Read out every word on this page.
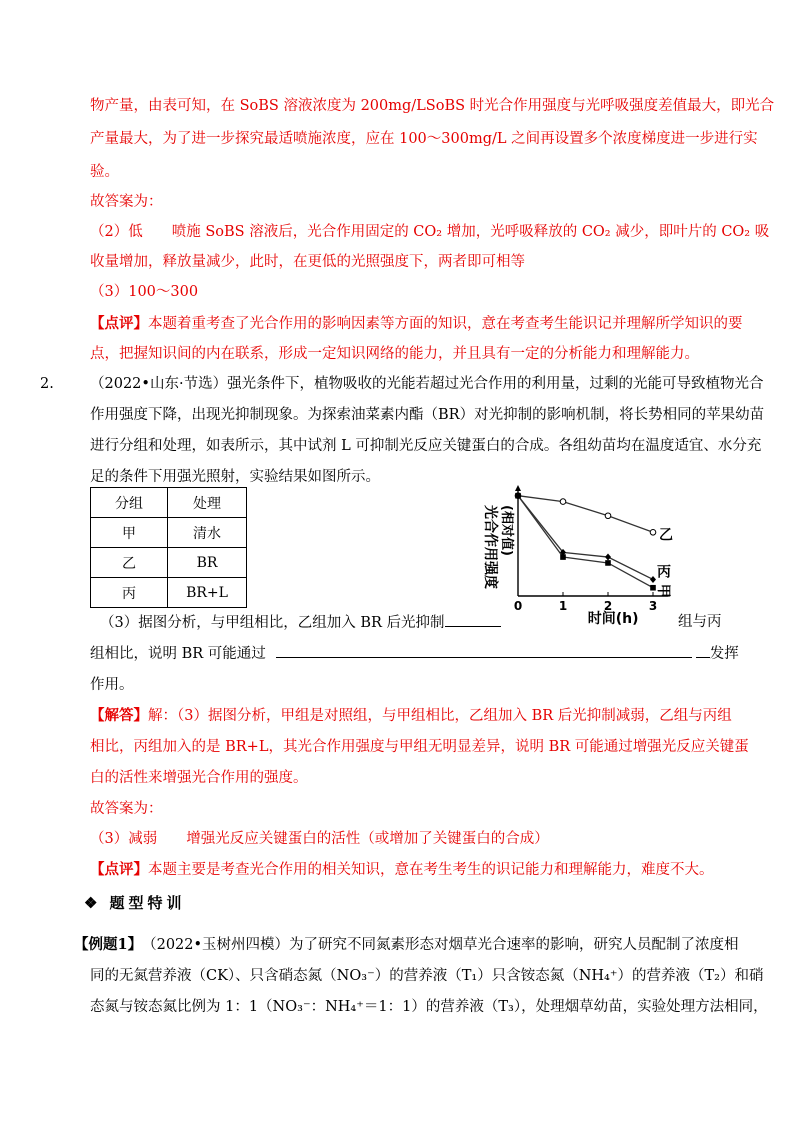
物产量，由表可知，在 SoBS 溶液浓度为 200mg/LSoBS 时光合作用强度与光呼吸强度差值最大，即光合
产量最大，为了进一步探究最适喷施浓度，应在 100～300mg/L 之间再设置多个浓度梯度进一步进行实
验。
故答案为：
（2）低　　喷施 SoBS 溶液后，光合作用固定的 CO₂ 增加，光呼吸释放的 CO₂ 减少，即叶片的 CO₂ 吸
收量增加，释放量减少，此时，在更低的光照强度下，两者即可相等
（3）100～300
【点评】本题着重考查了光合作用的影响因素等方面的知识，意在考查考生能识记并理解所学知识的要
点，把握知识间的内在联系，形成一定知识网络的能力，并且具有一定的分析能力和理解能力。
2. （2022•山东·节选）强光条件下，植物吸收的光能若超过光合作用的利用量，过剩的光能可导致植物光合
作用强度下降，出现光抑制现象。为探索油菜素内酯（BR）对光抑制的影响机制，将长势相同的苹果幼苗
进行分组和处理，如表所示，其中试剂 L 可抑制光反应关键蛋白的合成。各组幼苗均在温度适宜、水分充
足的条件下用强光照射，实验结果如图所示。
分组	处理
甲	清水
乙	BR
丙	BR+L
光合作用强度 (相对值)
0	1	2	3
时间(h)
乙
丙
甲
（3）据图分析，与甲组相比，乙组加入 BR 后光抑制	组与丙
组相比，说明 BR 可能通过	发挥
作用。
【解答】解：（3）据图分析，甲组是对照组，与甲组相比，乙组加入 BR 后光抑制减弱，乙组与丙组
相比，丙组加入的是 BR+L，其光合作用强度与甲组无明显差异，说明 BR 可能通过增强光反应关键蛋
白的活性来增强光合作用的强度。
故答案为：
（3）减弱　　增强光反应关键蛋白的活性（或增加了关键蛋白的合成）
【点评】本题主要是考查光合作用的相关知识，意在考生考生的识记能力和理解能力，难度不大。
❖ 题型特训
【例题1】　（2022•玉树州四模）为了研究不同氮素形态对烟草光合速率的影响，研究人员配制了浓度相
同的无氮营养液（CK）、只含硝态氮（NO₃⁻）的营养液（T₁）只含铵态氮（NH₄⁺）的营养液（T₂）和硝
态氮与铵态氮比例为 1：1（NO₃⁻：NH₄⁺＝1：1）的营养液（T₃），处理烟草幼苗，实验处理方法相同，
